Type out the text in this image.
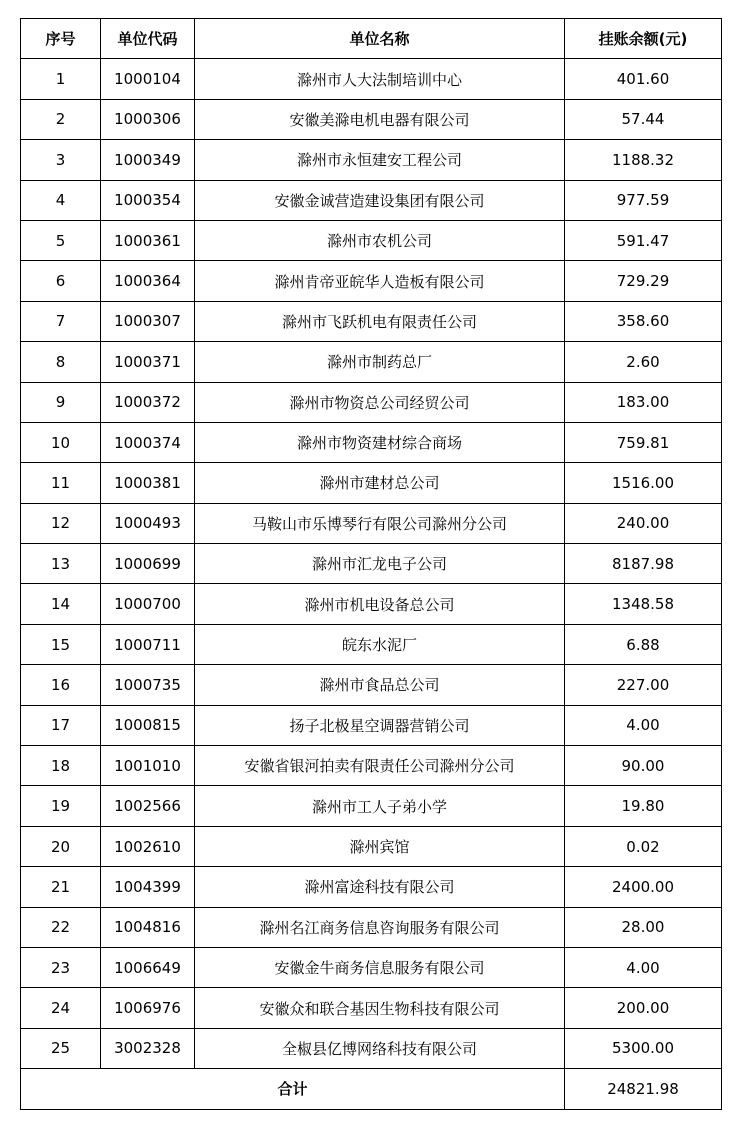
序号	单位代码	单位名称	挂账余额(元)
1	1000104	滁州市人大法制培训中心	401.60
2	1000306	安徽美滁电机电器有限公司	57.44
3	1000349	滁州市永恒建安工程公司	1188.32
4	1000354	安徽金诚营造建设集团有限公司	977.59
5	1000361	滁州市农机公司	591.47
6	1000364	滁州肯帝亚皖华人造板有限公司	729.29
7	1000307	滁州市飞跃机电有限责任公司	358.60
8	1000371	滁州市制药总厂	2.60
9	1000372	滁州市物资总公司经贸公司	183.00
10	1000374	滁州市物资建材综合商场	759.81
11	1000381	滁州市建材总公司	1516.00
12	1000493	马鞍山市乐博琴行有限公司滁州分公司	240.00
13	1000699	滁州市汇龙电子公司	8187.98
14	1000700	滁州市机电设备总公司	1348.58
15	1000711	皖东水泥厂	6.88
16	1000735	滁州市食品总公司	227.00
17	1000815	扬子北极星空调器营销公司	4.00
18	1001010	安徽省银河拍卖有限责任公司滁州分公司	90.00
19	1002566	滁州市工人子弟小学	19.80
20	1002610	滁州宾馆	0.02
21	1004399	滁州富途科技有限公司	2400.00
22	1004816	滁州名江商务信息咨询服务有限公司	28.00
23	1006649	安徽金牛商务信息服务有限公司	4.00
24	1006976	安徽众和联合基因生物科技有限公司	200.00
25	3002328	全椒县亿博网络科技有限公司	5300.00
合计			24821.98
